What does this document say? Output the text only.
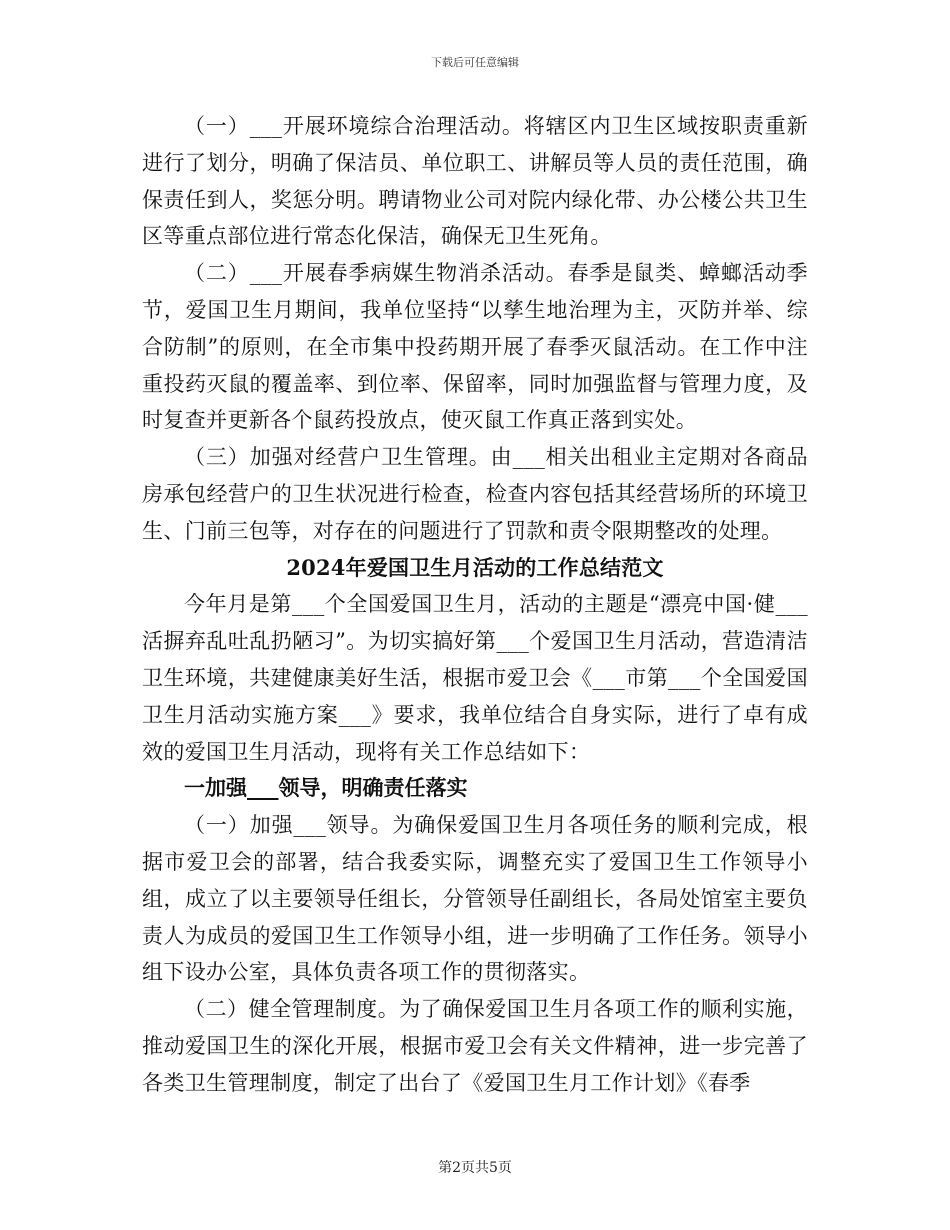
下载后可任意编辑

（一）___开展环境综合治理活动。将辖区内卫生区域按职责重新进行了划分，明确了保洁员、单位职工、讲解员等人员的责任范围，确保责任到人，奖惩分明。聘请物业公司对院内绿化带、办公楼公共卫生区等重点部位进行常态化保洁，确保无卫生死角。

（二）___开展春季病媒生物消杀活动。春季是鼠类、蟑螂活动季节，爱国卫生月期间，我单位坚持“以孳生地治理为主，灭防并举、综合防制”的原则，在全市集中投药期开展了春季灭鼠活动。在工作中注重投药灭鼠的覆盖率、到位率、保留率，同时加强监督与管理力度，及时复查并更新各个鼠药投放点，使灭鼠工作真正落到实处。

（三）加强对经营户卫生管理。由___相关出租业主定期对各商品房承包经营户的卫生状况进行检查，检查内容包括其经营场所的环境卫生、门前三包等，对存在的问题进行了罚款和责令限期整改的处理。

2024年爱国卫生月活动的工作总结范文

今年月是第___个全国爱国卫生月，活动的主题是“漂亮中国·健___活摒弃乱吐乱扔陋习”。为切实搞好第___个爱国卫生月活动，营造清洁卫生环境，共建健康美好生活，根据市爱卫会《___市第___个全国爱国卫生月活动实施方案___》要求，我单位结合自身实际，进行了卓有成效的爱国卫生月活动，现将有关工作总结如下：

一加强___领导，明确责任落实

（一）加强___领导。为确保爱国卫生月各项任务的顺利完成，根据市爱卫会的部署，结合我委实际，调整充实了爱国卫生工作领导小组，成立了以主要领导任组长，分管领导任副组长，各局处馆室主要负责人为成员的爱国卫生工作领导小组，进一步明确了工作任务。领导小组下设办公室，具体负责各项工作的贯彻落实。

（二）健全管理制度。为了确保爱国卫生月各项工作的顺利实施，推动爱国卫生的深化开展，根据市爱卫会有关文件精神，进一步完善了各类卫生管理制度，制定了出台了《爱国卫生月工作计划》《春季

第2页共5页
